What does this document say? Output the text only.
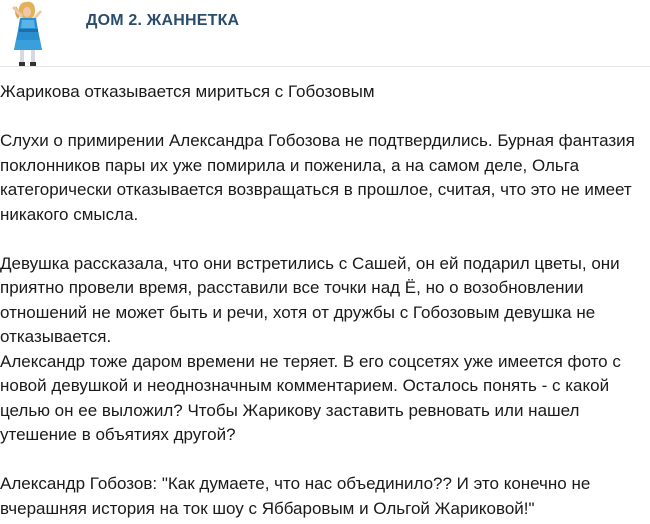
ДОМ 2. ЖАННЕТКА

Жарикова отказывается мириться с Гобозовым

Слухи о примирении Александра Гобозова не подтвердились. Бурная фантазия поклонников пары их уже помирила и поженила, а на самом деле, Ольга категорически отказывается возвращаться в прошлое, считая, что это не имеет никакого смысла.

Девушка рассказала, что они встретились с Сашей, он ей подарил цветы, они приятно провели время, расставили все точки над Ё, но о возобновлении отношений не может быть и речи, хотя от дружбы с Гобозовым девушка не отказывается.

Александр тоже даром времени не теряет. В его соцсетях уже имеется фото с новой девушкой и неоднозначным комментарием. Осталось понять - с какой целью он ее выложил? Чтобы Жарикову заставить ревновать или нашел утешение в объятиях другой?

Александр Гобозов: "Как думаете, что нас объединило?? И это конечно не вчерашняя история на ток шоу с Яббаровым и Ольгой Жариковой!"
